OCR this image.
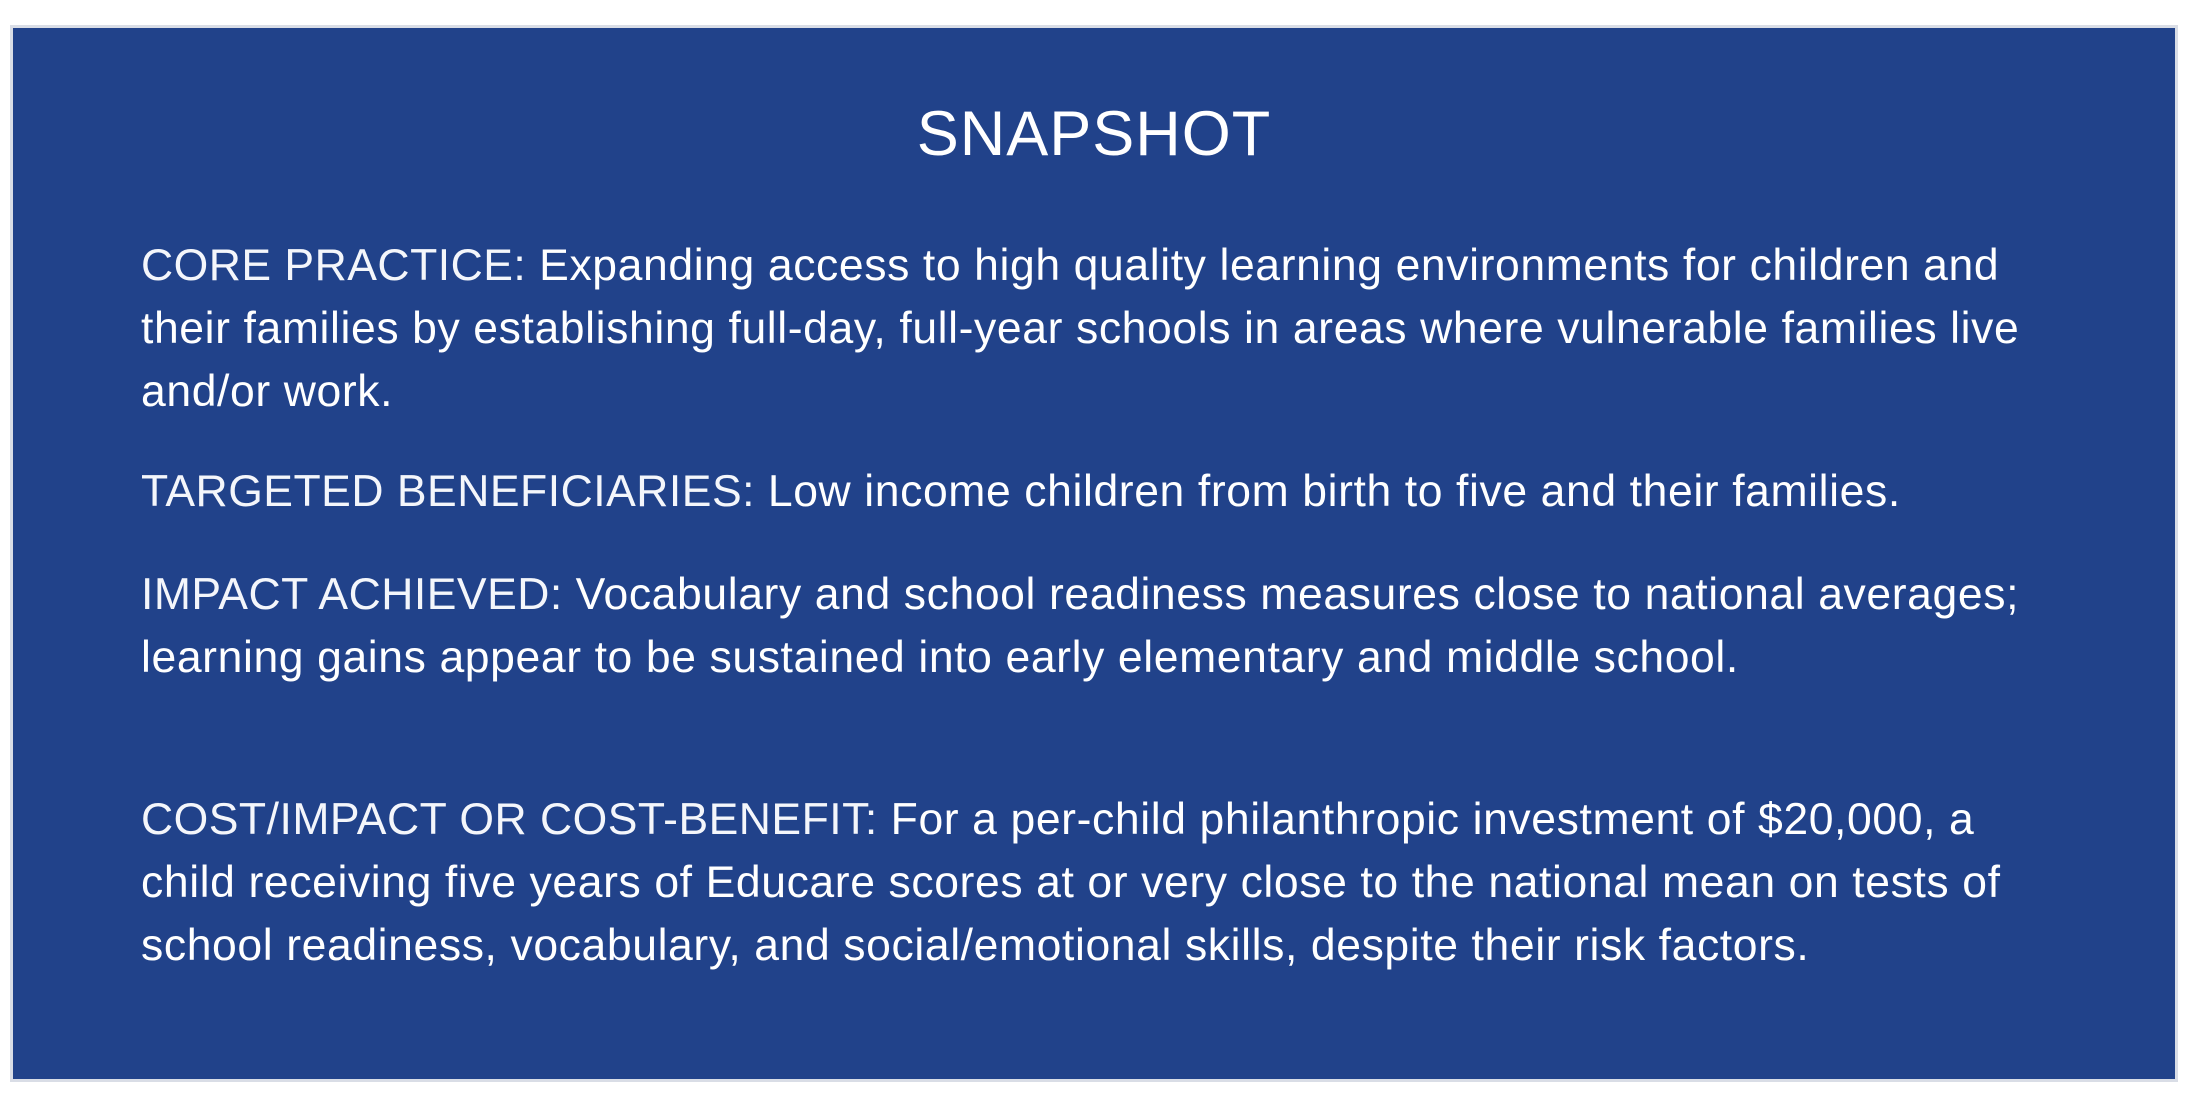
SNAPSHOT
CORE PRACTICE: Expanding access to high quality learning environments for children and their families by establishing full-day, full-year schools in areas where vulnerable families live and/or work.
TARGETED BENEFICIARIES: Low income children from birth to five and their families.
IMPACT ACHIEVED: Vocabulary and school readiness measures close to national averages; learning gains appear to be sustained into early elementary and middle school.
COST/IMPACT OR COST-BENEFIT: For a per-child philanthropic investment of $20,000, a child receiving five years of Educare scores at or very close to the national mean on tests of school readiness, vocabulary, and social/emotional skills, despite their risk factors.
